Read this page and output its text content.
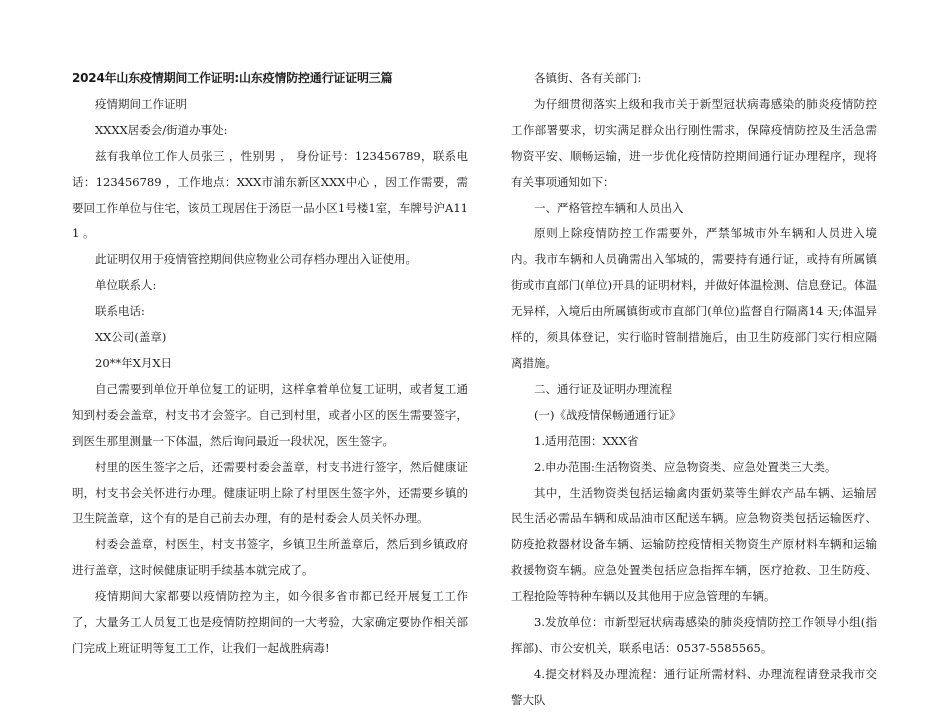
2024年山东疫情期间工作证明:山东疫情防控通行证证明三篇

疫情期间工作证明

XXXX居委会/街道办事处:

兹有我单位工作人员张三 ，性别男 ， 身份证号：123456789，联系电话：123456789 ，工作地点：XXX市浦东新区XXX中心 ，因工作需要，需要回工作单位与住宅，该员工现居住于汤臣一品小区1号楼1室，车牌号沪A111 。

此证明仅用于疫情管控期间供应物业公司存档办理出入证使用。

单位联系人:

联系电话:

XX公司(盖章)

20**年X月X日

自己需要到单位开单位复工的证明，这样拿着单位复工证明，或者复工通知到村委会盖章，村支书才会签字。自己到村里，或者小区的医生需要签字，到医生那里测量一下体温，然后询问最近一段状况，医生签字。

村里的医生签字之后，还需要村委会盖章，村支书进行签字，然后健康证明，村支书会关怀进行办理。健康证明上除了村里医生签字外，还需要乡镇的卫生院盖章，这个有的是自己前去办理，有的是村委会人员关怀办理。

村委会盖章，村医生，村支书签字，乡镇卫生所盖章后，然后到乡镇政府进行盖章，这时候健康证明手续基本就完成了。

疫情期间大家都要以疫情防控为主，如今很多省市都已经开展复工工作了，大量务工人员复工也是疫情防控期间的一大考验，大家确定要协作相关部门完成上班证明等复工工作，让我们一起战胜病毒!

各镇街、各有关部门:

为仔细贯彻落实上级和我市关于新型冠状病毒感染的肺炎疫情防控工作部署要求，切实满足群众出行刚性需求，保障疫情防控及生活急需物资平安、顺畅运输，进一步优化疫情防控期间通行证办理程序，现将有关事项通知如下：

一、严格管控车辆和人员出入

原则上除疫情防控工作需要外，严禁邹城市外车辆和人员进入境内。我市车辆和人员确需出入邹城的，需要持有通行证，或持有所属镇街或市直部门(单位)开具的证明材料，并做好体温检测、信息登记。体温无异样，入境后由所属镇街或市直部门(单位)监督自行隔离14 天;体温异样的，须具体登记，实行临时管制措施后，由卫生防疫部门实行相应隔离措施。

二、通行证及证明办理流程

(一)《战疫情保畅通通行证》

1.适用范围：XXX省

2.申办范围:生活物资类、应急物资类、应急处置类三大类。

其中，生活物资类包括运输禽肉蛋奶菜等生鲜农产品车辆、运输居民生活必需品车辆和成品油市区配送车辆。应急物资类包括运输医疗、防疫抢救器材设备车辆、运输防控疫情相关物资生产原材料车辆和运输救援物资车辆。应急处置类包括应急指挥车辆，医疗抢救、卫生防疫、工程抢险等特种车辆以及其他用于应急管理的车辆。

3.发放单位：市新型冠状病毒感染的肺炎疫情防控工作领导小组(指挥部)、市公安机关，联系电话：0537-5585565。

4.提交材料及办理流程：通行证所需材料、办理流程请登录我市交警大队
